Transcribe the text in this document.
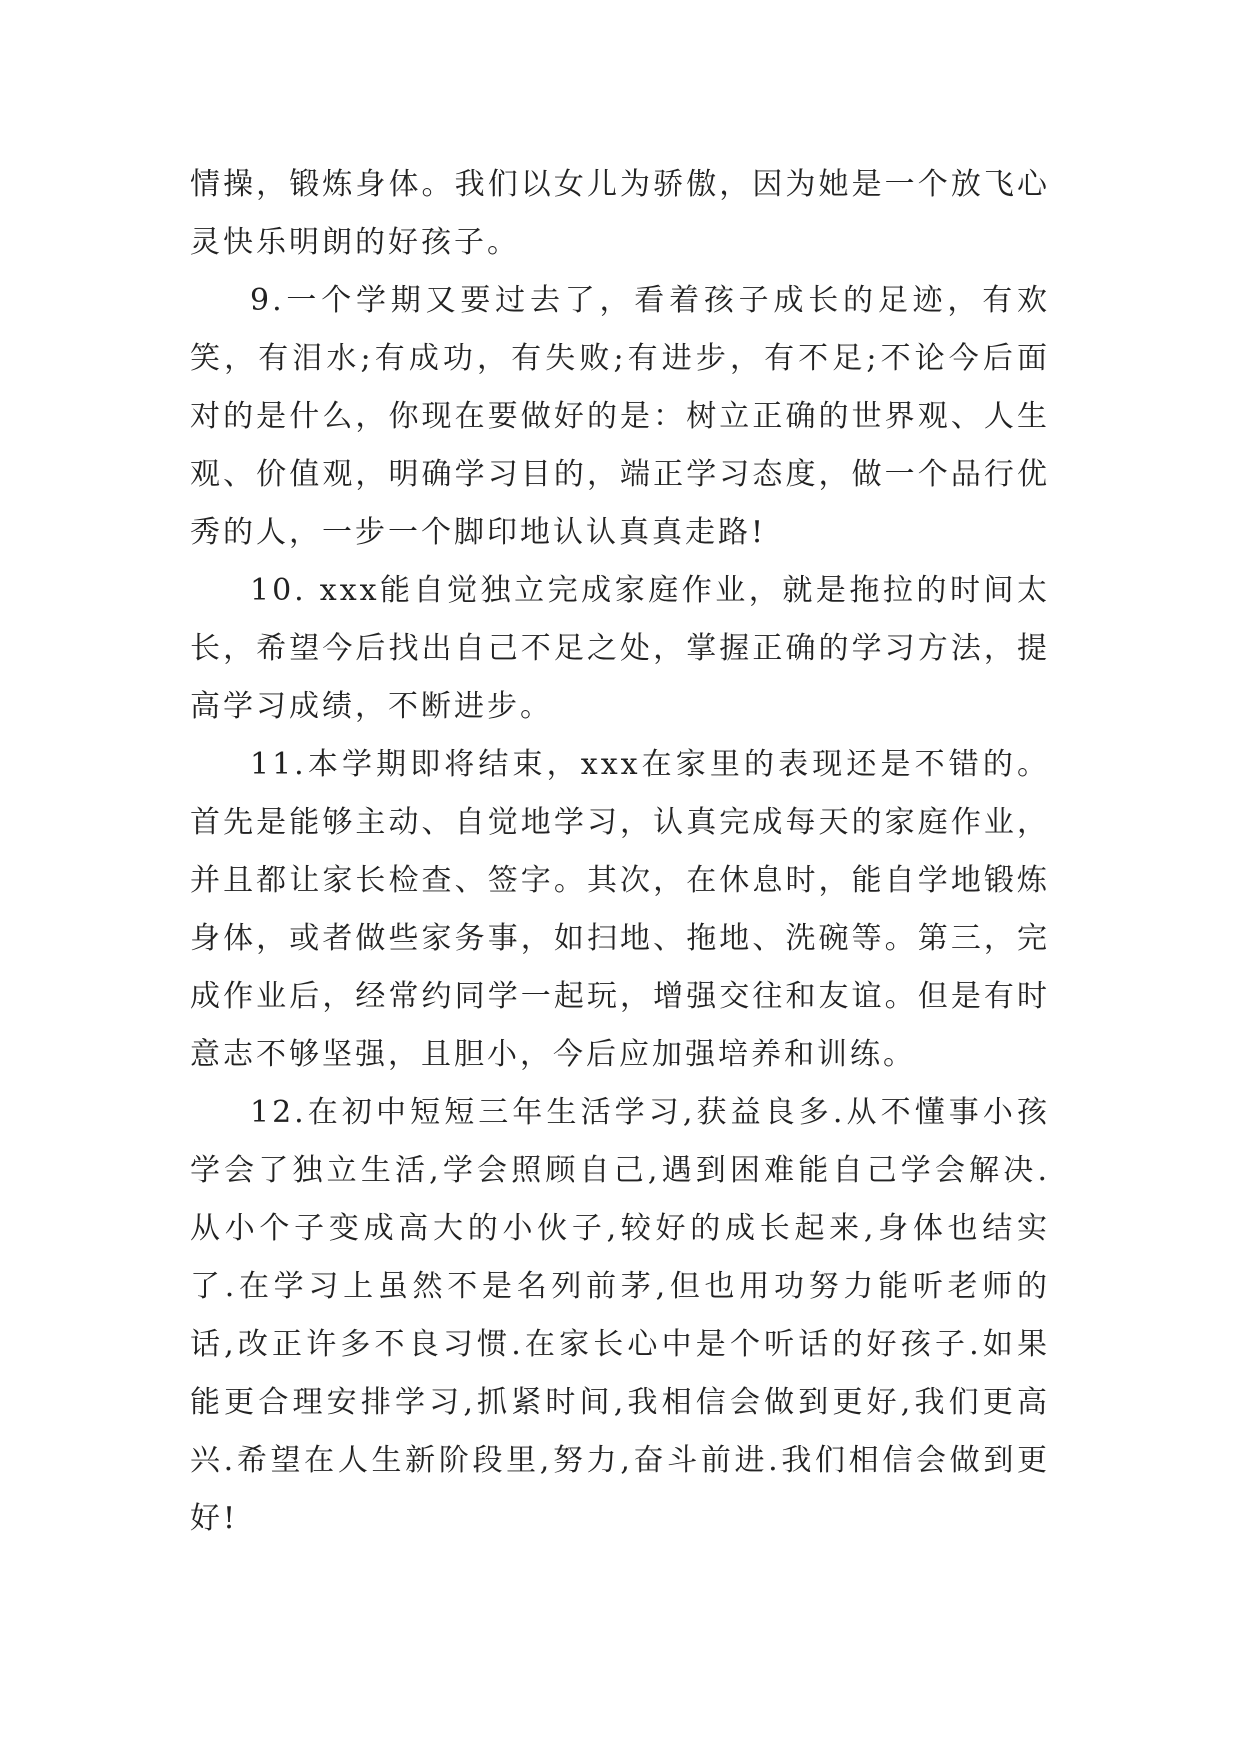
情操，锻炼身体。我们以女儿为骄傲，因为她是一个放飞心灵快乐明朗的好孩子。

9.一个学期又要过去了，看着孩子成长的足迹，有欢笑，有泪水;有成功，有失败;有进步，有不足;不论今后面对的是什么，你现在要做好的是：树立正确的世界观、人生观、价值观，明确学习目的，端正学习态度，做一个品行优秀的人，一步一个脚印地认认真真走路!

10. xxx能自觉独立完成家庭作业，就是拖拉的时间太长，希望今后找出自己不足之处，掌握正确的学习方法，提高学习成绩，不断进步。

11.本学期即将结束，xxx在家里的表现还是不错的。首先是能够主动、自觉地学习，认真完成每天的家庭作业，并且都让家长检查、签字。其次，在休息时，能自学地锻炼身体，或者做些家务事，如扫地、拖地、洗碗等。第三，完成作业后，经常约同学一起玩，增强交往和友谊。但是有时意志不够坚强，且胆小，今后应加强培养和训练。

12.在初中短短三年生活学习,获益良多.从不懂事小孩学会了独立生活,学会照顾自己,遇到困难能自己学会解决.从小个子变成高大的小伙子,较好的成长起来,身体也结实了.在学习上虽然不是名列前茅,但也用功努力能听老师的话,改正许多不良习惯.在家长心中是个听话的好孩子.如果能更合理安排学习,抓紧时间,我相信会做到更好,我们更高兴.希望在人生新阶段里,努力,奋斗前进.我们相信会做到更好!
